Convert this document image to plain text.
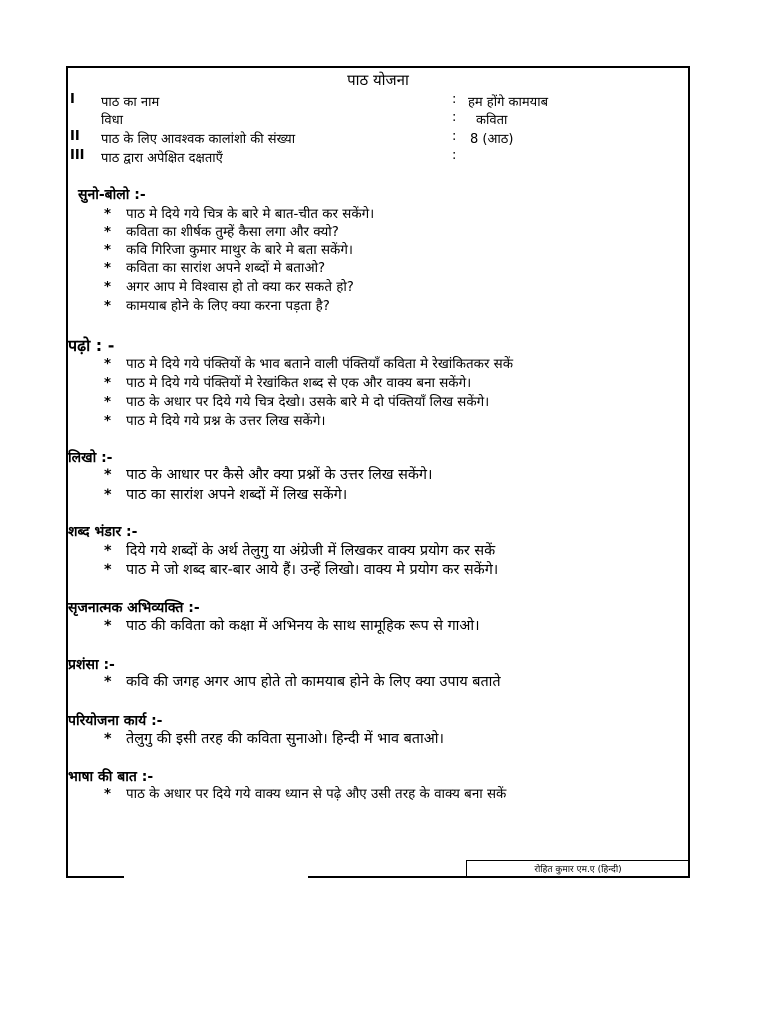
पाठ योजना
I पाठ का नाम	: हम होंगे कामयाब
विधा	: कविता
II पाठ के लिए आवश्वक कालांशो की संख्या	: 8 (आठ)
III पाठ द्वारा अपेक्षित दक्षताएँ	:
सुनो-बोलो :-
* पाठ मे दिये गये चित्र के बारे मे बात-चीत कर सकेंगे।
* कविता का शीर्षक तुम्हें कैसा लगा और क्यो?
* कवि गिरिजा कुमार माथुर के बारे मे बता सकेंगे।
* कविता का सारांश अपने शब्दों मे बताओ?
* अगर आप मे विश्वास हो तो क्या कर सकते हो?
* कामयाब होने के लिए क्या करना पड़ता है?
पढ़ो : -
* पाठ मे दिये गये पंक्तियों के भाव बताने वाली पंक्तियाँ कविता मे रेखांकितकर सकें
* पाठ मे दिये गये पंक्तियों मे रेखांकित शब्द से एक और वाक्य बना सकेंगे।
* पाठ के अधार पर दिये गये चित्र देखो। उसके बारे मे दो पंक्तियाँ लिख सकेंगे।
* पाठ मे दिये गये प्रश्न के उत्तर लिख सकेंगे।
लिखो :-
* पाठ के आधार पर कैसे और क्या प्रश्नों के उत्तर लिख सकेंगे।
* पाठ का सारांश अपने शब्दों में लिख सकेंगे।
शब्द भंडार :-
* दिये गये शब्दों के अर्थ तेलुगु या अंग्रेजी में लिखकर वाक्य प्रयोग कर सकें
* पाठ मे जो शब्द बार-बार आये हैं। उन्हें लिखो। वाक्य मे प्रयोग कर सकेंगे।
सृजनात्मक अभिव्यक्ति :-
* पाठ की कविता को कक्षा में अभिनय के साथ सामूहिक रूप से गाओ।
प्रशंसा :-
* कवि की जगह अगर आप होते तो कामयाब होने के लिए क्या उपाय बताते
परियोजना कार्य :-
* तेलुगु की इसी तरह की कविता सुनाओ। हिन्दी में भाव बताओ।
भाषा की बात :-
* पाठ के अधार पर दिये गये वाक्य ध्यान से पढ़े औए उसी तरह के वाक्य बना सकें
रोहित कुमार एम.ए (हिन्दी)
